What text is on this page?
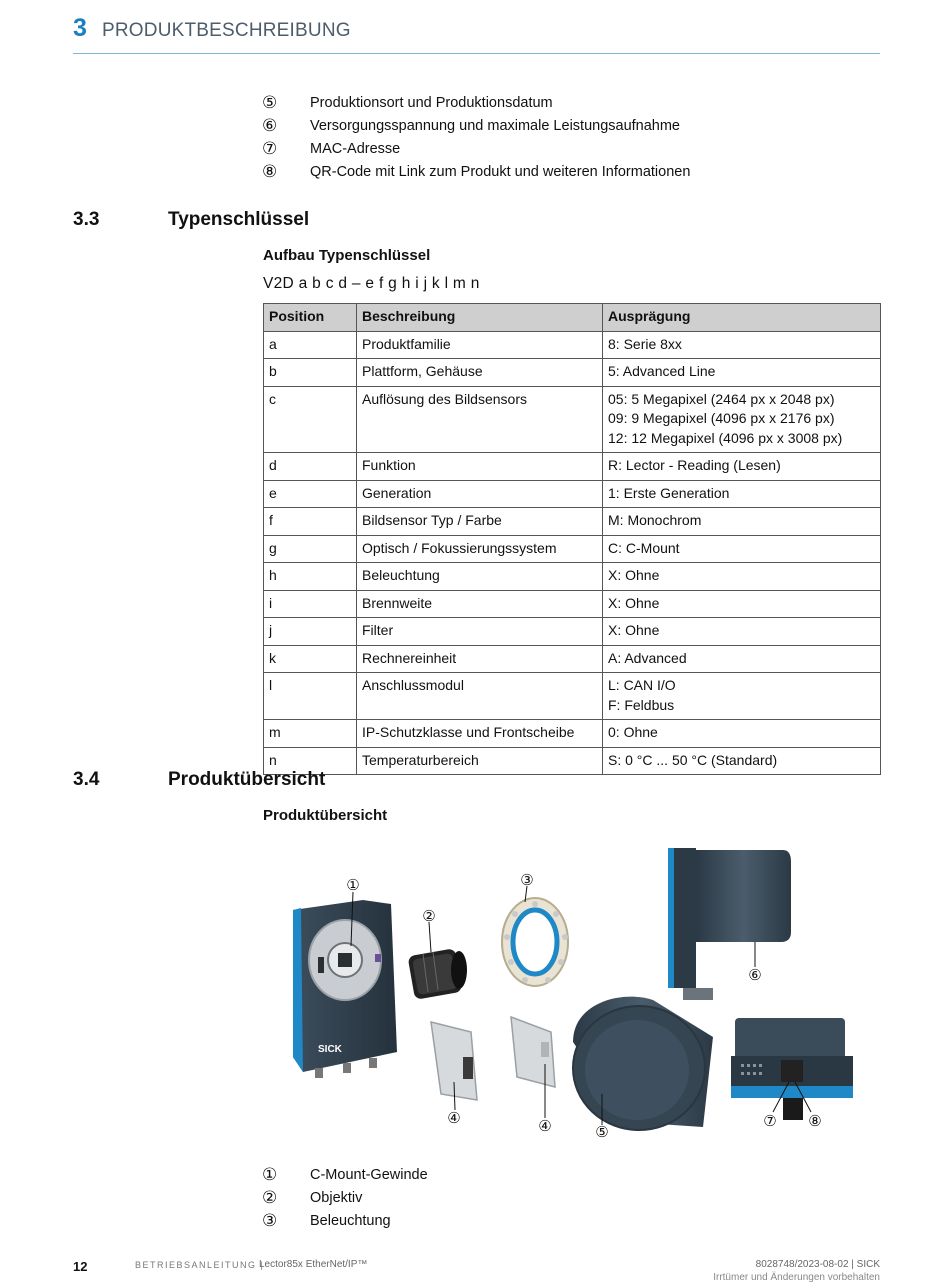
3 PRODUKTBESCHREIBUNG
⑤ Produktionsort und Produktionsdatum
⑥ Versorgungsspannung und maximale Leistungsaufnahme
⑦ MAC-Adresse
⑧ QR-Code mit Link zum Produkt und weiteren Informationen
3.3	Typenschlüssel
Aufbau Typenschlüssel
V2D a b c d – e f g h i j k l m n
Position	Beschreibung	Ausprägung
a	Produktfamilie	8: Serie 8xx

b	Plattform, Gehäuse	5: Advanced Line

c	Auflösung des Bildsensors	05: 5 Megapixel (2464 px x 2048 px)
09: 9 Megapixel (4096 px x 2176 px)
12: 12 Megapixel (4096 px x 3008 px)

d	Funktion	R: Lector - Reading (Lesen)

e	Generation	1: Erste Generation

f	Bildsensor Typ / Farbe	M: Monochrom

g	Optisch / Fokussierungssystem	C: C-Mount

h	Beleuchtung	X: Ohne

i	Brennweite	X: Ohne

j	Filter	X: Ohne

k	Rechnereinheit	A: Advanced

l	Anschlussmodul	L: CAN I/O
F: Feldbus

m	IP-Schutzklasse und Frontscheibe	0: Ohne

n	Temperaturbereich	S: 0 °C ... 50 °C (Standard)
3.4	Produktübersicht
Produktübersicht
SICK
①
②
③
④	④	⑤
⑥
⑦ ⑧
① C-Mount-Gewinde
② Objektiv
③ Beleuchtung
12	BETRIEBSANLEITUNG |
Lector85x EtherNet/IP™	8028748/2023-08-02 | SICK
Irrtümer und Änderungen vorbehalten
